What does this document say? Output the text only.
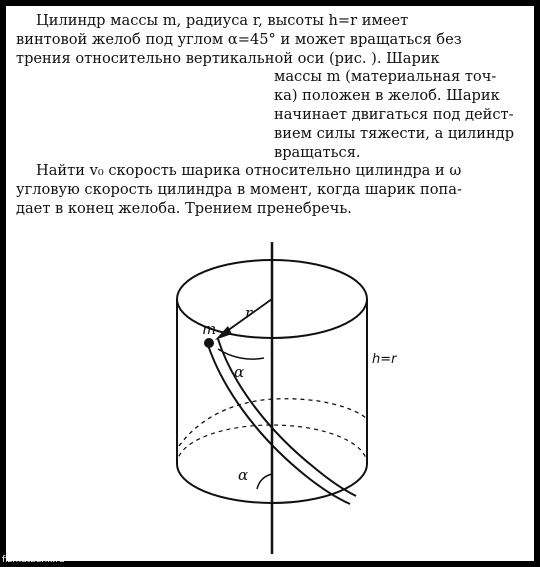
Цилиндр массы m, радиуса r, высоты h=r имеет
винтовой желоб под углом α=45° и может вращаться без
трения относительно вертикальной оси (рис. ). Шарик
массы m (материальная точ-
ка) положен в желоб. Шарик
начинает двигаться под дейст-
вием силы тяжести, а цилиндр
вращаться.
Найти v₀ скорость шарика относительно цилиндра и ω
угловую скорость цилиндра в момент, когда шарик попа-
дает в конец желоба. Трением пренебречь.
r
m
h=r
α
α
fizmatbank.ru
